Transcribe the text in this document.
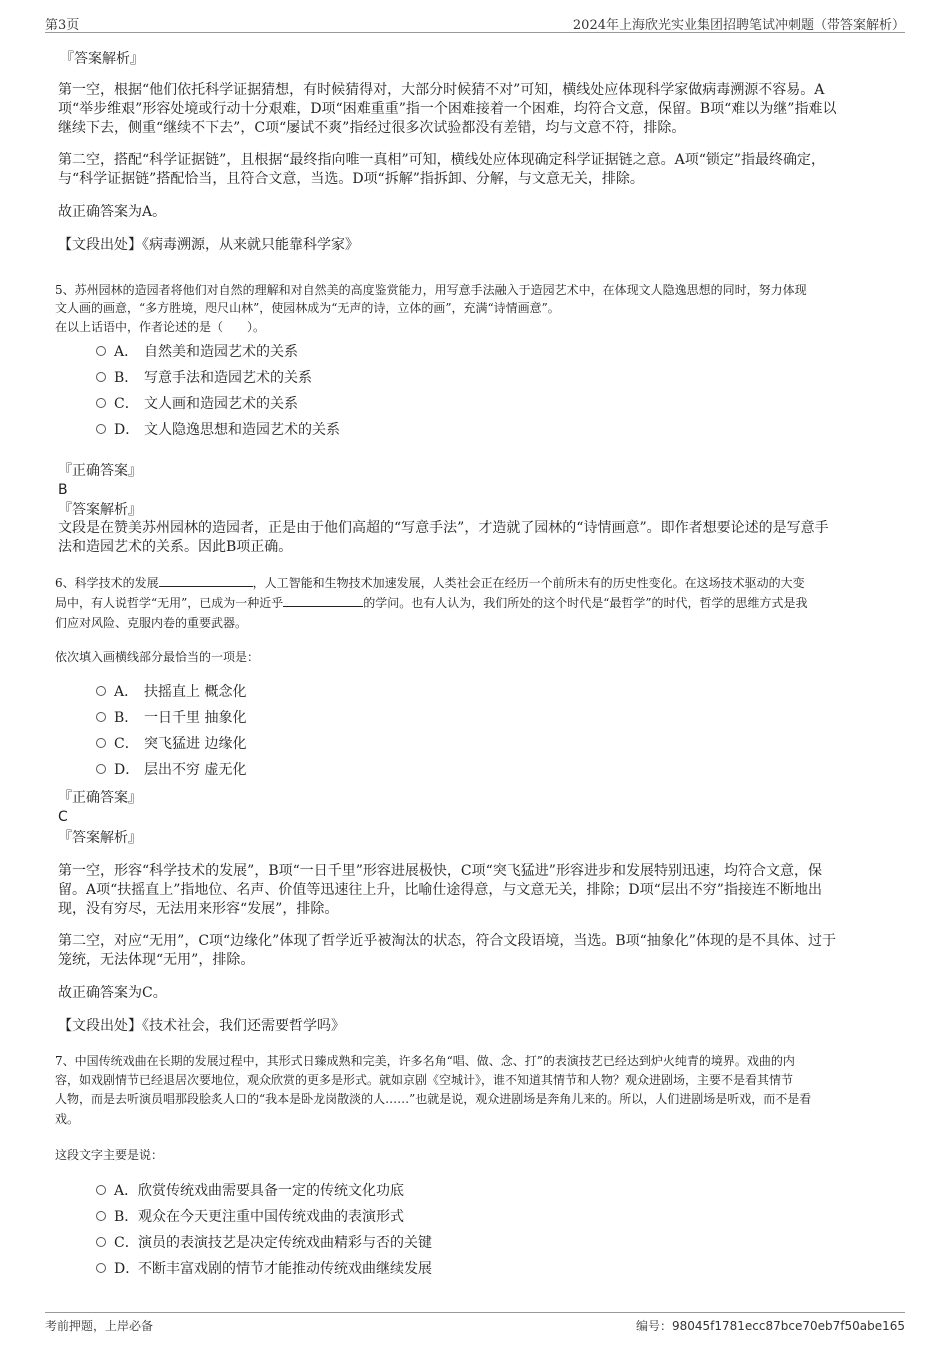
第3页	2024年上海欣光实业集团招聘笔试冲刺题（带答案解析）
『答案解析』
第一空，根据“他们依托科学证据猜想，有时候猜得对，大部分时候猜不对”可知，横线处应体现科学家做病毒溯源不容易。A
项“举步维艰”形容处境或行动十分艰难，D项“困难重重”指一个困难接着一个困难，均符合文意，保留。B项“难以为继”指难以
继续下去，侧重“继续不下去”，C项“屡试不爽”指经过很多次试验都没有差错，均与文意不符，排除。
第二空，搭配“科学证据链”，且根据“最终指向唯一真相”可知，横线处应体现确定科学证据链之意。A项“锁定”指最终确定，
与“科学证据链”搭配恰当，且符合文意，当选。D项“拆解”指拆卸、分解，与文意无关，排除。
故正确答案为A。
【文段出处】《病毒溯源，从来就只能靠科学家》
5、苏州园林的造园者将他们对自然的理解和对自然美的高度鉴赏能力，用写意手法融入于造园艺术中，在体现文人隐逸思想的同时，努力体现
文人画的画意，“多方胜境，咫尺山林”，使园林成为“无声的诗，立体的画”，充满“诗情画意”。
在以上话语中，作者论述的是（　　）。
A． 自然美和造园艺术的关系
B． 写意手法和造园艺术的关系
C． 文人画和造园艺术的关系
D． 文人隐逸思想和造园艺术的关系
『正确答案』
B
『答案解析』
文段是在赞美苏州园林的造园者，正是由于他们高超的“写意手法”，才造就了园林的“诗情画意”。即作者想要论述的是写意手
法和造园艺术的关系。因此B项正确。
6、科学技术的发展	，人工智能和生物技术加速发展，人类社会正在经历一个前所未有的历史性变化。在这场技术驱动的大变
局中，有人说哲学“无用”，已成为一种近乎	的学问。也有人认为，我们所处的这个时代是“最哲学”的时代，哲学的思维方式是我
们应对风险、克服内卷的重要武器。
依次填入画横线部分最恰当的一项是：
A． 扶摇直上 概念化
B． 一日千里 抽象化
C． 突飞猛进 边缘化
D． 层出不穷 虚无化
『正确答案』
C
『答案解析』
第一空，形容“科学技术的发展”，B项“一日千里”形容进展极快，C项“突飞猛进”形容进步和发展特别迅速，均符合文意，保
留。A项“扶摇直上”指地位、名声、价值等迅速往上升，比喻仕途得意，与文意无关，排除；D项“层出不穷”指接连不断地出
现，没有穷尽，无法用来形容“发展”，排除。
第二空，对应“无用”，C项“边缘化”体现了哲学近乎被淘汰的状态，符合文段语境，当选。B项“抽象化”体现的是不具体、过于
笼统，无法体现“无用”，排除。
故正确答案为C。
【文段出处】《技术社会，我们还需要哲学吗》
7、中国传统戏曲在长期的发展过程中，其形式日臻成熟和完美，许多名角“唱、做、念、打”的表演技艺已经达到炉火纯青的境界。戏曲的内
容，如戏剧情节已经退居次要地位，观众欣赏的更多是形式。就如京剧《空城计》，谁不知道其情节和人物？观众进剧场，主要不是看其情节
人物，而是去听演员唱那段脍炙人口的“我本是卧龙岗散淡的人……”也就是说，观众进剧场是奔角儿来的。所以，人们进剧场是听戏，而不是看
戏。
这段文字主要是说：
A．欣赏传统戏曲需要具备一定的传统文化功底
B．观众在今天更注重中国传统戏曲的表演形式
C．演员的表演技艺是决定传统戏曲精彩与否的关键
D．不断丰富戏剧的情节才能推动传统戏曲继续发展
考前押题，上岸必备	编号：98045f1781ecc87bce70eb7f50abe165
